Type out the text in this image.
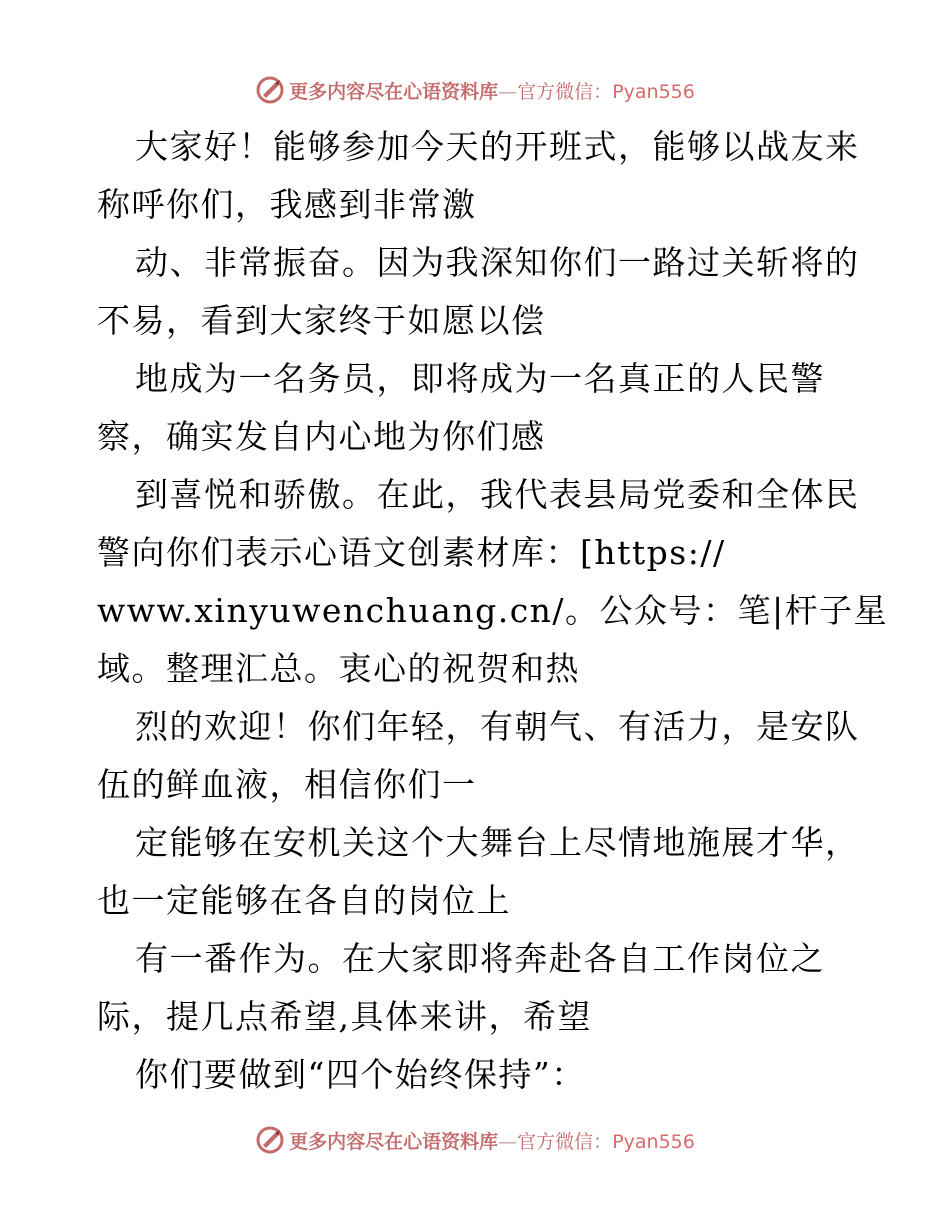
更多内容尽在心语资料库—官方微信：Pyan556
大家好！能够参加今天的开班式，能够以战友来
称呼你们，我感到非常激
动、非常振奋。因为我深知你们一路过关斩将的
不易，看到大家终于如愿以偿
地成为一名务员，即将成为一名真正的人民警
察，确实发自内心地为你们感
到喜悦和骄傲。在此，我代表县局党委和全体民
警向你们表示心语文创素材库：[https://
www.xinyuwenchuang.cn/。公众号：笔|杆子星
域。整理汇总。衷心的祝贺和热
烈的欢迎！你们年轻，有朝气、有活力，是安队
伍的鲜血液，相信你们一
定能够在安机关这个大舞台上尽情地施展才华，
也一定能够在各自的岗位上
有一番作为。在大家即将奔赴各自工作岗位之
际，提几点希望,具体来讲，希望
你们要做到“四个始终保持”：
更多内容尽在心语资料库—官方微信：Pyan556
